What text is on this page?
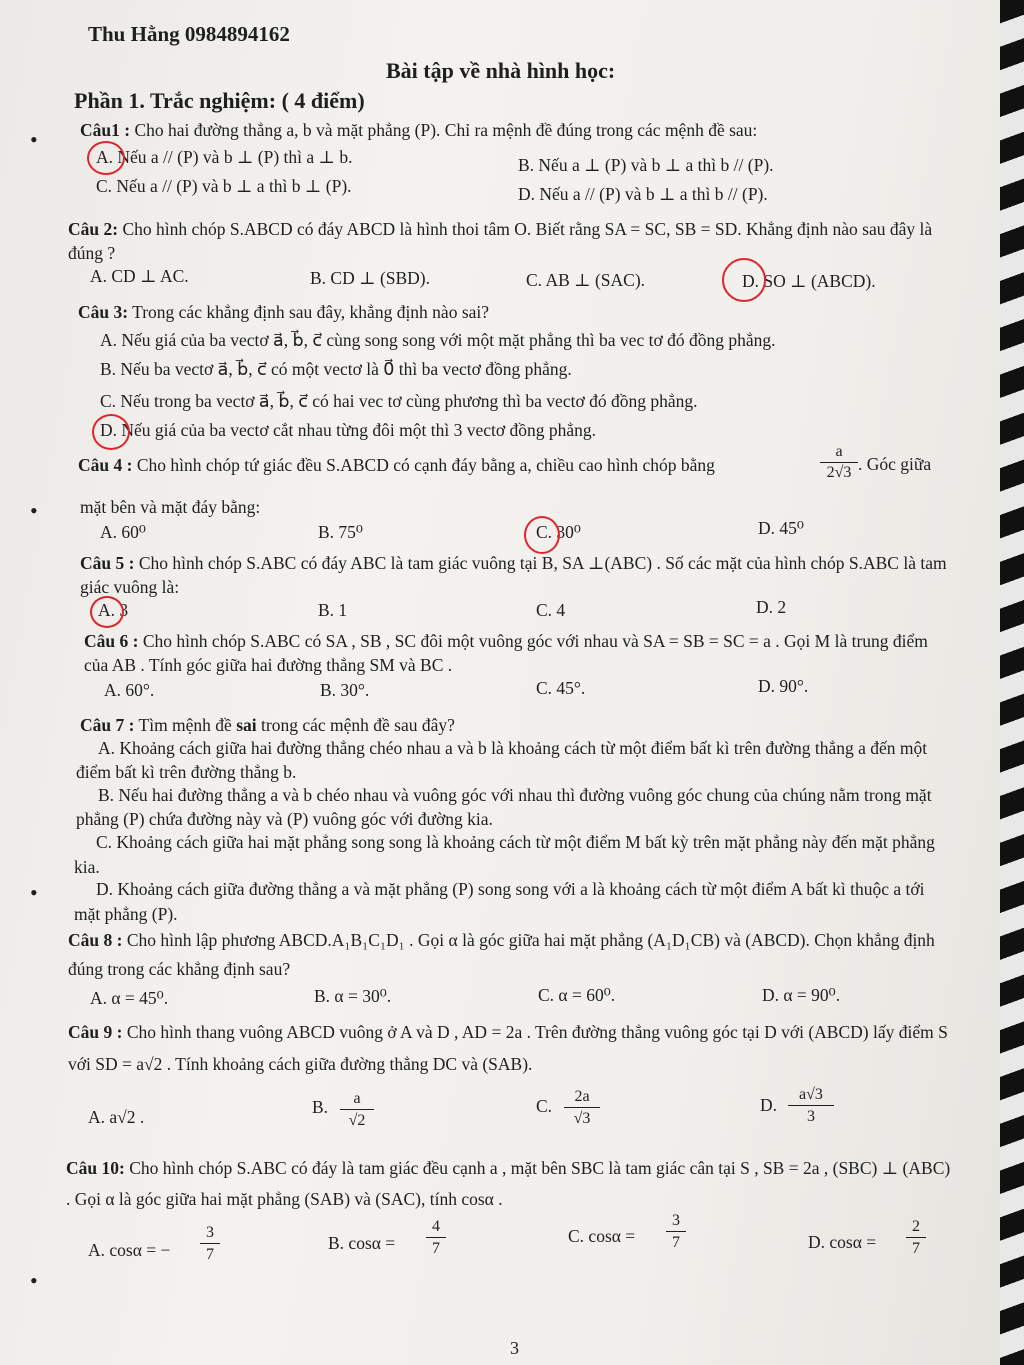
Thu Hằng 0984894162
Bài tập về nhà hình học:
Phần 1. Trắc nghiệm: ( 4 điểm)
• Câu1 : Cho hai đường thẳng a, b và mặt phẳng (P). Chỉ ra mệnh đề đúng trong các mệnh đề sau:
A. Nếu a // (P) và b ⊥ (P) thì a ⊥ b.	B. Nếu a ⊥ (P) và b ⊥ a thì b // (P).
C. Nếu a // (P) và b ⊥ a thì b ⊥ (P).	D. Nếu a // (P) và b ⊥ a thì b // (P).
Câu 2: Cho hình chóp S.ABCD có đáy ABCD là hình thoi tâm O. Biết rằng SA = SC, SB = SD. Khẳng định nào sau đây là đúng ?
A. CD ⊥ AC.	B. CD ⊥ (SBD).	C. AB ⊥ (SAC).	D. SO ⊥ (ABCD).
Câu 3: Trong các khẳng định sau đây, khẳng định nào sai?
A. Nếu giá của ba vectơ a⃗, b⃗, c⃗ cùng song song với một mặt phẳng thì ba vec tơ đó đồng phẳng.
B. Nếu ba vectơ a⃗, b⃗, c⃗ có một vectơ là 0⃗ thì ba vectơ đồng phẳng.
C. Nếu trong ba vectơ a⃗, b⃗, c⃗ có hai vec tơ cùng phương thì ba vectơ đó đồng phẳng.
D. Nếu giá của ba vectơ cắt nhau từng đôi một thì 3 vectơ đồng phẳng.
Câu 4 : Cho hình chóp tứ giác đều S.ABCD có cạnh đáy bằng a, chiều cao hình chóp bằng	$\frac{a}{2√3}$ . Góc giữa
• mặt bên và mặt đáy bằng:
A. 60⁰	B. 75⁰	C. 30⁰	D. 45⁰
Câu 5 : Cho hình chóp S.ABC có đáy ABC là tam giác vuông tại B, SA ⊥(ABC) . Số các mặt của hình chóp S.ABC là tam giác vuông là:
A. 3	B. 1	C. 4	D. 2
Câu 6 : Cho hình chóp S.ABC có SA , SB , SC đôi một vuông góc với nhau và SA = SB = SC = a . Gọi M là trung điểm của AB . Tính góc giữa hai đường thẳng SM và BC .
A. 60°.	B. 30°.	C. 45°.	D. 90°.
Câu 7 : Tìm mệnh đề sai trong các mệnh đề sau đây?
A. Khoảng cách giữa hai đường thẳng chéo nhau a và b là khoảng cách từ một điểm bất kì trên đường thẳng a đến một điểm bất kì trên đường thẳng b.
B. Nếu hai đường thẳng a và b chéo nhau và vuông góc với nhau thì đường vuông góc chung của chúng nằm trong mặt phẳng (P) chứa đường này và (P) vuông góc với đường kia.
C. Khoảng cách giữa hai mặt phẳng song song là khoảng cách từ một điểm M bất kỳ trên mặt phẳng này đến mặt phẳng kia.
•	D. Khoảng cách giữa đường thẳng a và mặt phẳng (P) song song với a là khoảng cách từ một điểm A bất kì thuộc a tới mặt phẳng (P).
Câu 8 : Cho hình lập phương ABCD.A₁B₁C₁D₁ . Gọi α là góc giữa hai mặt phẳng (A₁D₁CB) và (ABCD). Chọn khẳng định đúng trong các khẳng định sau?
A. α = 45⁰.	B. α = 30⁰.	C. α = 60⁰.	D. α = 90⁰.
Câu 9 : Cho hình thang vuông ABCD vuông ở A và D , AD = 2a . Trên đường thẳng vuông góc tại D với (ABCD) lấy điểm S với SD = a√2 . Tính khoảng cách giữa đường thẳng DC và (SAB).
A. a√2 .	B. $\frac{a}{√2}$	C. $\frac{2a}{√3}$	D. $\frac{a√3}{3}$
Câu 10: Cho hình chóp S.ABC có đáy là tam giác đều cạnh a , mặt bên SBC là tam giác cân tại S , SB = 2a , (SBC) ⊥ (ABC) . Gọi α là góc giữa hai mặt phẳng (SAB) và (SAC), tính cosα .
A. cosα = − $\frac{3}{7}$	B. $\cos\alpha = \frac{4}{7}$	C. $\cos\alpha = \frac{3}{7}$	D. $\cos\alpha = \frac{2}{7}$
•
3
